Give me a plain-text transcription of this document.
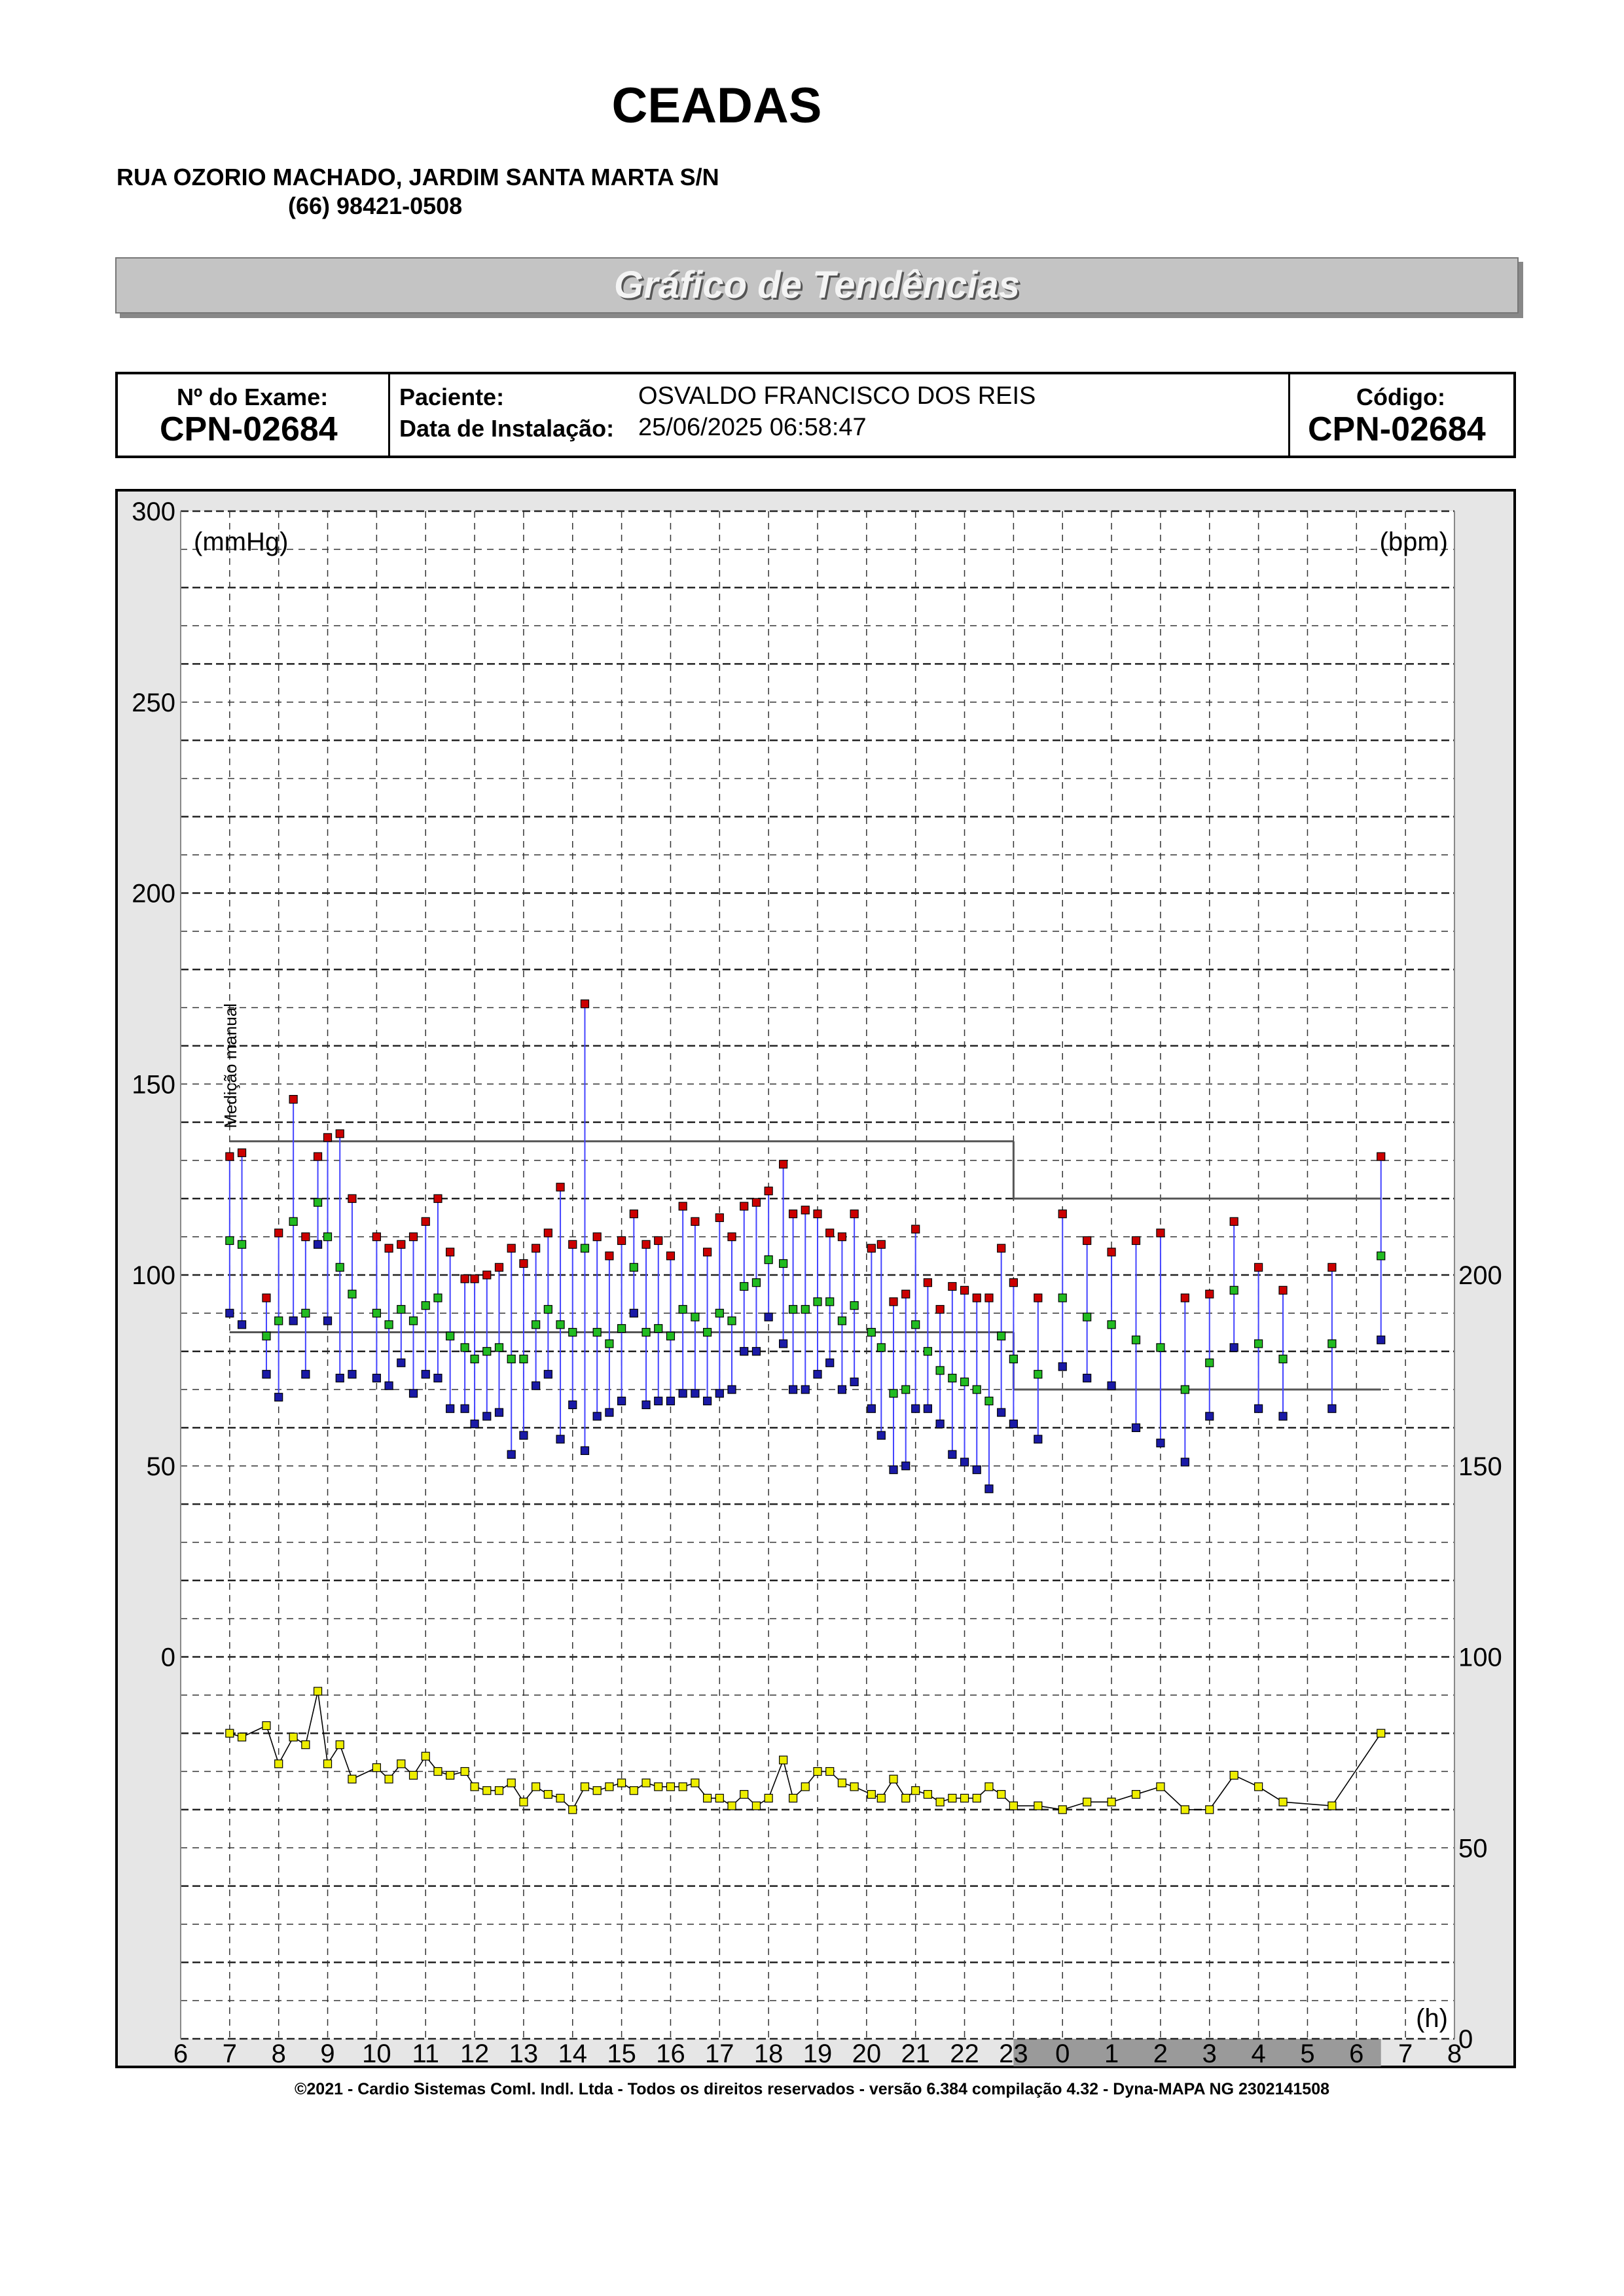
CEADAS
RUA OZORIO MACHADO, JARDIM SANTA MARTA S/N
(66) 98421-0508
Gráfico de Tendências
Nº do Exame:
CPN-02684
Paciente:	OSVALDO FRANCISCO DOS REIS
Data de Instalação: 25/06/2025 06:58:47
Código:
CPN-02684
300
250
200
150
100
50
0
200
150
100
50
0
6 7 8 9 10 11 12 13 14 15 16 17 18 19 20 21 22 23 0 1 2 3 4 5 6 7 8
(mmHg)	(bpm)
(h)
Medição manual
©2021 - Cardio Sistemas Coml. Indl. Ltda - Todos os direitos reservados - versão 6.384 compilação 4.32 - Dyna-MAPA NG 2302141508
